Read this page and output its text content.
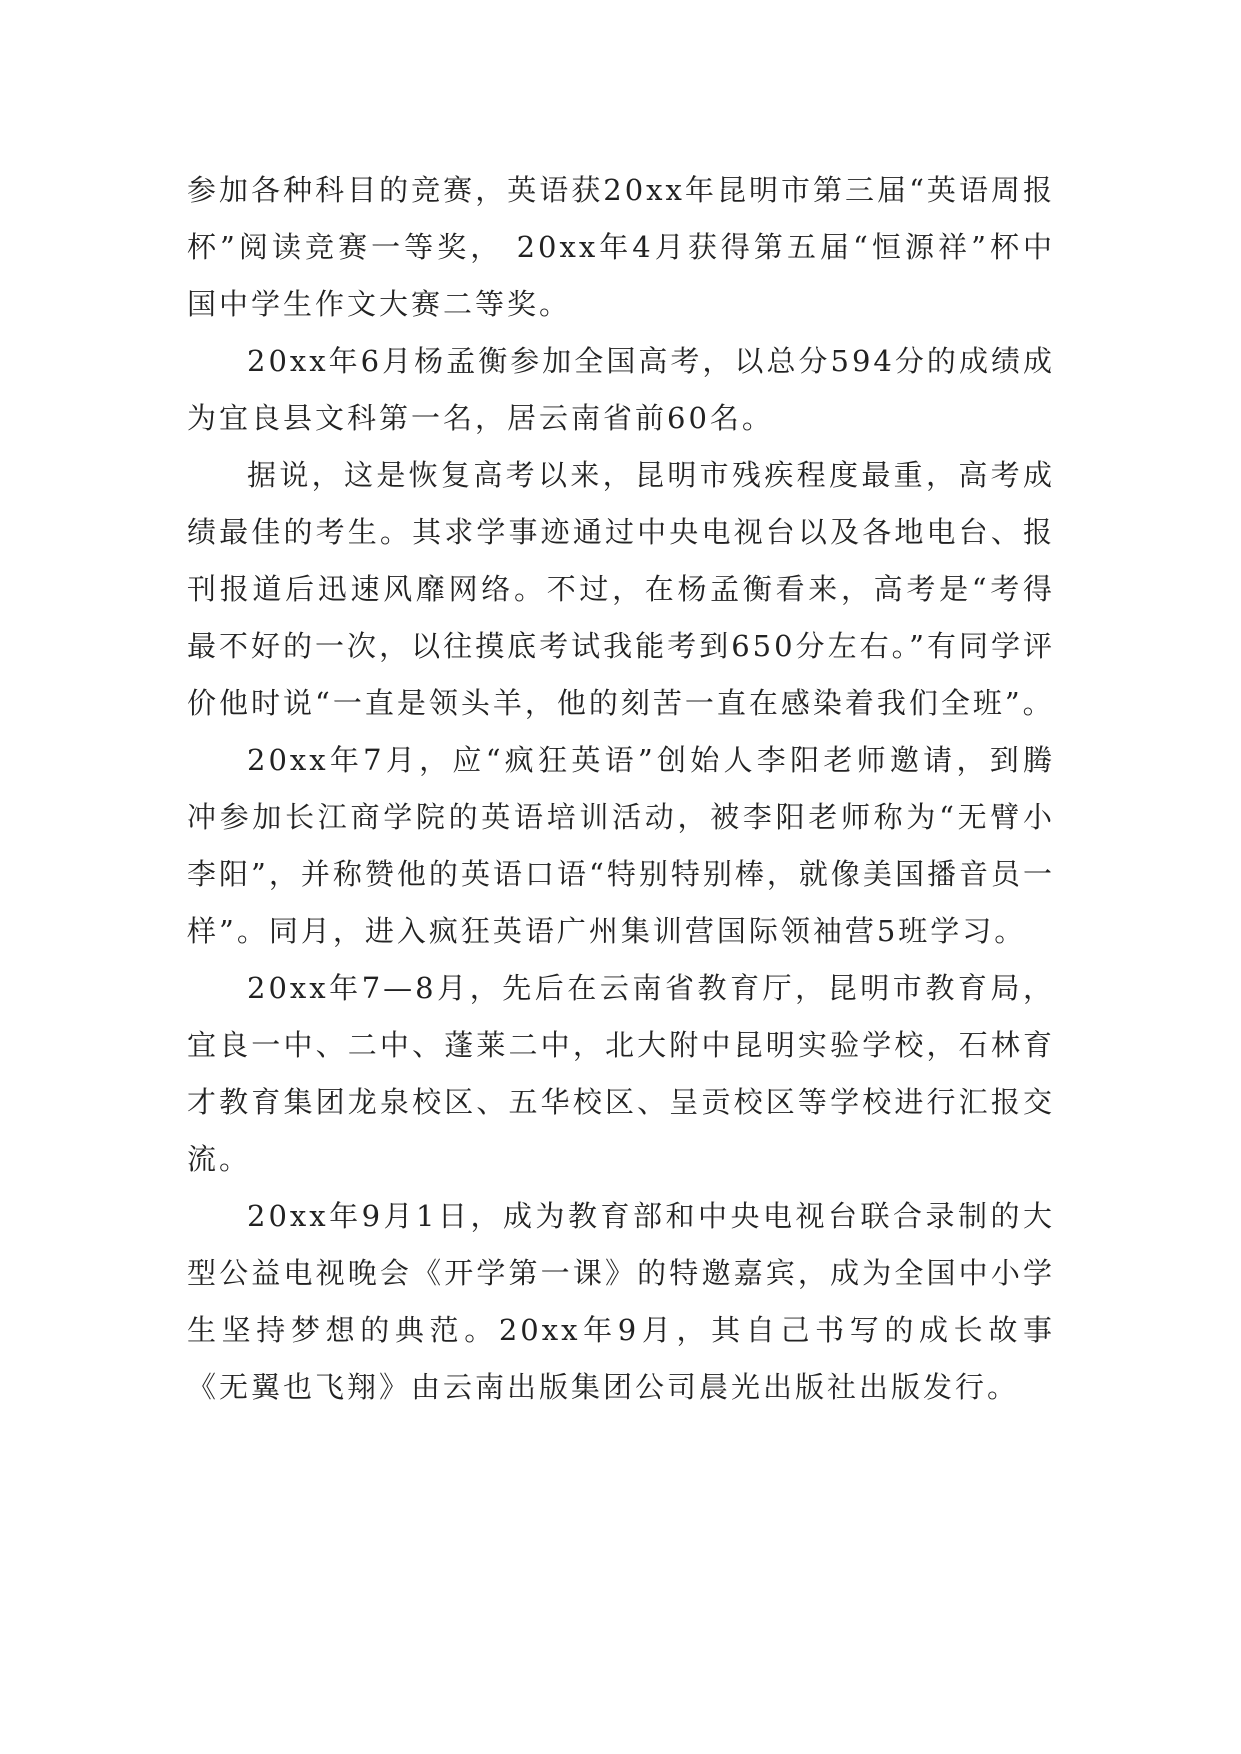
参加各种科目的竞赛，英语获20xx年昆明市第三届“英语周报杯”阅读竞赛一等奖， 20xx年4月获得第五届“恒源祥”杯中国中学生作文大赛二等奖。

20xx年6月杨孟衡参加全国高考，以总分594分的成绩成为宜良县文科第一名，居云南省前60名。

据说，这是恢复高考以来，昆明市残疾程度最重，高考成绩最佳的考生。其求学事迹通过中央电视台以及各地电台、报刊报道后迅速风靡网络。不过，在杨孟衡看来，高考是“考得最不好的一次，以往摸底考试我能考到650分左右。”有同学评价他时说“一直是领头羊，他的刻苦一直在感染着我们全班”。

20xx年7月，应“疯狂英语”创始人李阳老师邀请，到腾冲参加长江商学院的英语培训活动，被李阳老师称为“无臂小李阳”，并称赞他的英语口语“特别特别棒，就像美国播音员一样”。同月，进入疯狂英语广州集训营国际领袖营5班学习。

20xx年7—8月，先后在云南省教育厅，昆明市教育局，宜良一中、二中、蓬莱二中，北大附中昆明实验学校，石林育才教育集团龙泉校区、五华校区、呈贡校区等学校进行汇报交流。

20xx年9月1日，成为教育部和中央电视台联合录制的大型公益电视晚会《开学第一课》的特邀嘉宾，成为全国中小学生坚持梦想的典范。20xx年9月，其自己书写的成长故事《无翼也飞翔》由云南出版集团公司晨光出版社出版发行。
